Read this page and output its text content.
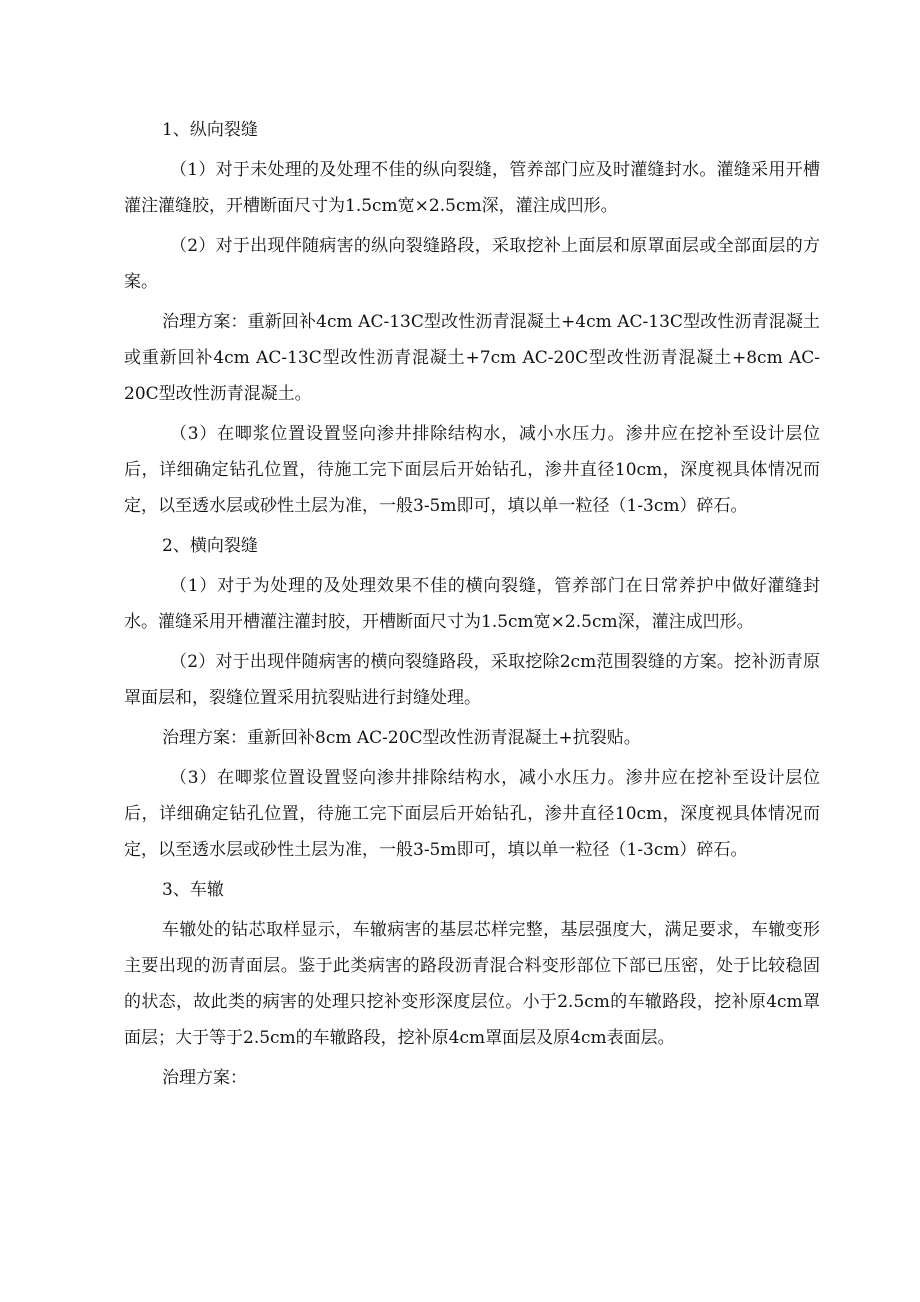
1、纵向裂缝

（1）对于未处理的及处理不佳的纵向裂缝，管养部门应及时灌缝封水。灌缝采用开槽灌注灌缝胶，开槽断面尺寸为1.5cm宽×2.5cm深，灌注成凹形。

（2）对于出现伴随病害的纵向裂缝路段，采取挖补上面层和原罩面层或全部面层的方案。

治理方案：重新回补4cm AC-13C型改性沥青混凝土+4cm AC-13C型改性沥青混凝土或重新回补4cm AC-13C型改性沥青混凝土+7cm AC-20C型改性沥青混凝土+8cm AC-20C型改性沥青混凝土。

（3）在唧浆位置设置竖向渗井排除结构水，减小水压力。渗井应在挖补至设计层位后，详细确定钻孔位置，待施工完下面层后开始钻孔，渗井直径10cm，深度视具体情况而定，以至透水层或砂性土层为准，一般3-5m即可，填以单一粒径（1-3cm）碎石。

2、横向裂缝

（1）对于为处理的及处理效果不佳的横向裂缝，管养部门在日常养护中做好灌缝封水。灌缝采用开槽灌注灌封胶，开槽断面尺寸为1.5cm宽×2.5cm深，灌注成凹形。

（2）对于出现伴随病害的横向裂缝路段，采取挖除2cm范围裂缝的方案。挖补沥青原罩面层和，裂缝位置采用抗裂贴进行封缝处理。

治理方案：重新回补8cm AC-20C型改性沥青混凝土+抗裂贴。

（3）在唧浆位置设置竖向渗井排除结构水，减小水压力。渗井应在挖补至设计层位后，详细确定钻孔位置，待施工完下面层后开始钻孔，渗井直径10cm，深度视具体情况而定，以至透水层或砂性土层为准，一般3-5m即可，填以单一粒径（1-3cm）碎石。

3、车辙

车辙处的钻芯取样显示，车辙病害的基层芯样完整，基层强度大，满足要求，车辙变形主要出现的沥青面层。鉴于此类病害的路段沥青混合料变形部位下部已压密，处于比较稳固的状态，故此类的病害的处理只挖补变形深度层位。小于2.5cm的车辙路段，挖补原4cm罩面层；大于等于2.5cm的车辙路段，挖补原4cm罩面层及原4cm表面层。

治理方案：
